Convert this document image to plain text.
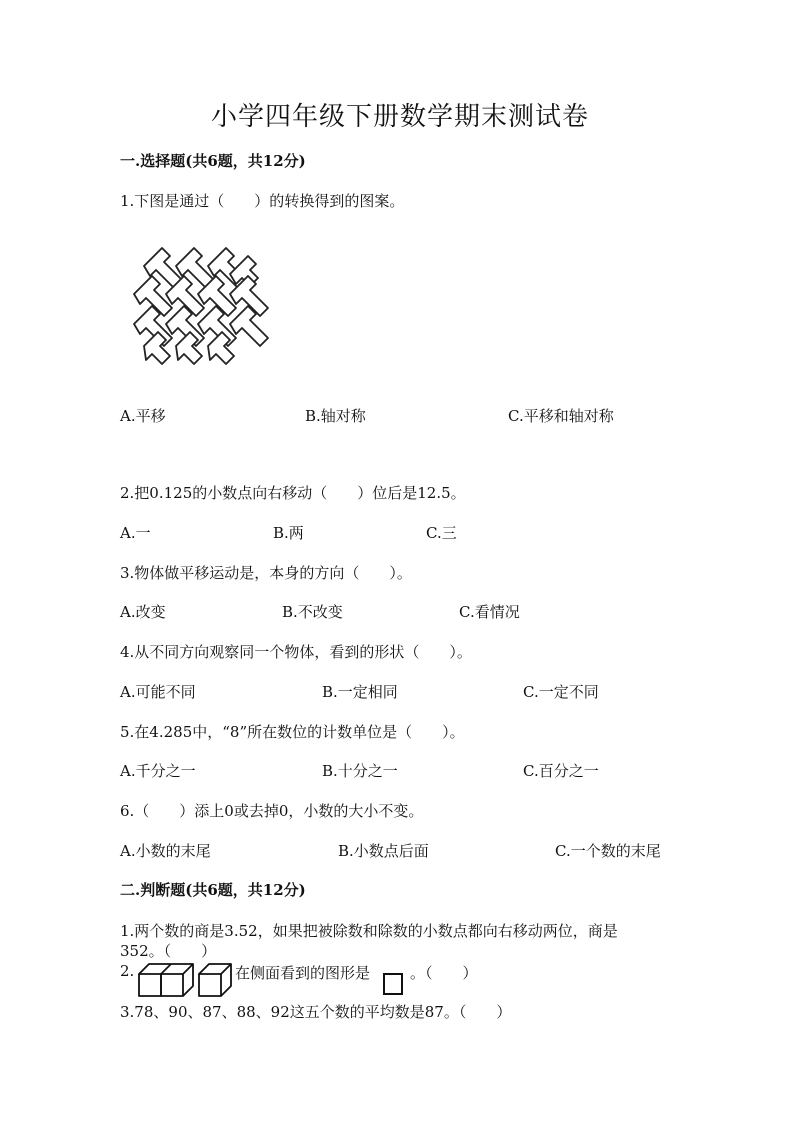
小学四年级下册数学期末测试卷
一.选择题(共6题，共12分)
1.下图是通过（　　）的转换得到的图案。
A.平移	B.轴对称	C.平移和轴对称
2.把0.125的小数点向右移动（　　）位后是12.5。
A.一	B.两	C.三
3.物体做平移运动是，本身的方向（　　）。
A.改变	B.不改变	C.看情况
4.从不同方向观察同一个物体，看到的形状（　　）。
A.可能不同	B.一定相同	C.一定不同
5.在4.285中，“8”所在数位的计数单位是（　　）。
A.千分之一	B.十分之一	C.百分之一
6.（　　）添上0或去掉0，小数的大小不变。
A.小数的末尾	B.小数点后面	C.一个数的末尾
二.判断题(共6题，共12分)
1.两个数的商是3.52，如果把被除数和除数的小数点都向右移动两位，商是
352。（　　）
2.	在侧面看到的图形是	。（　　）
3.78、90、87、88、92这五个数的平均数是87。（　　）
